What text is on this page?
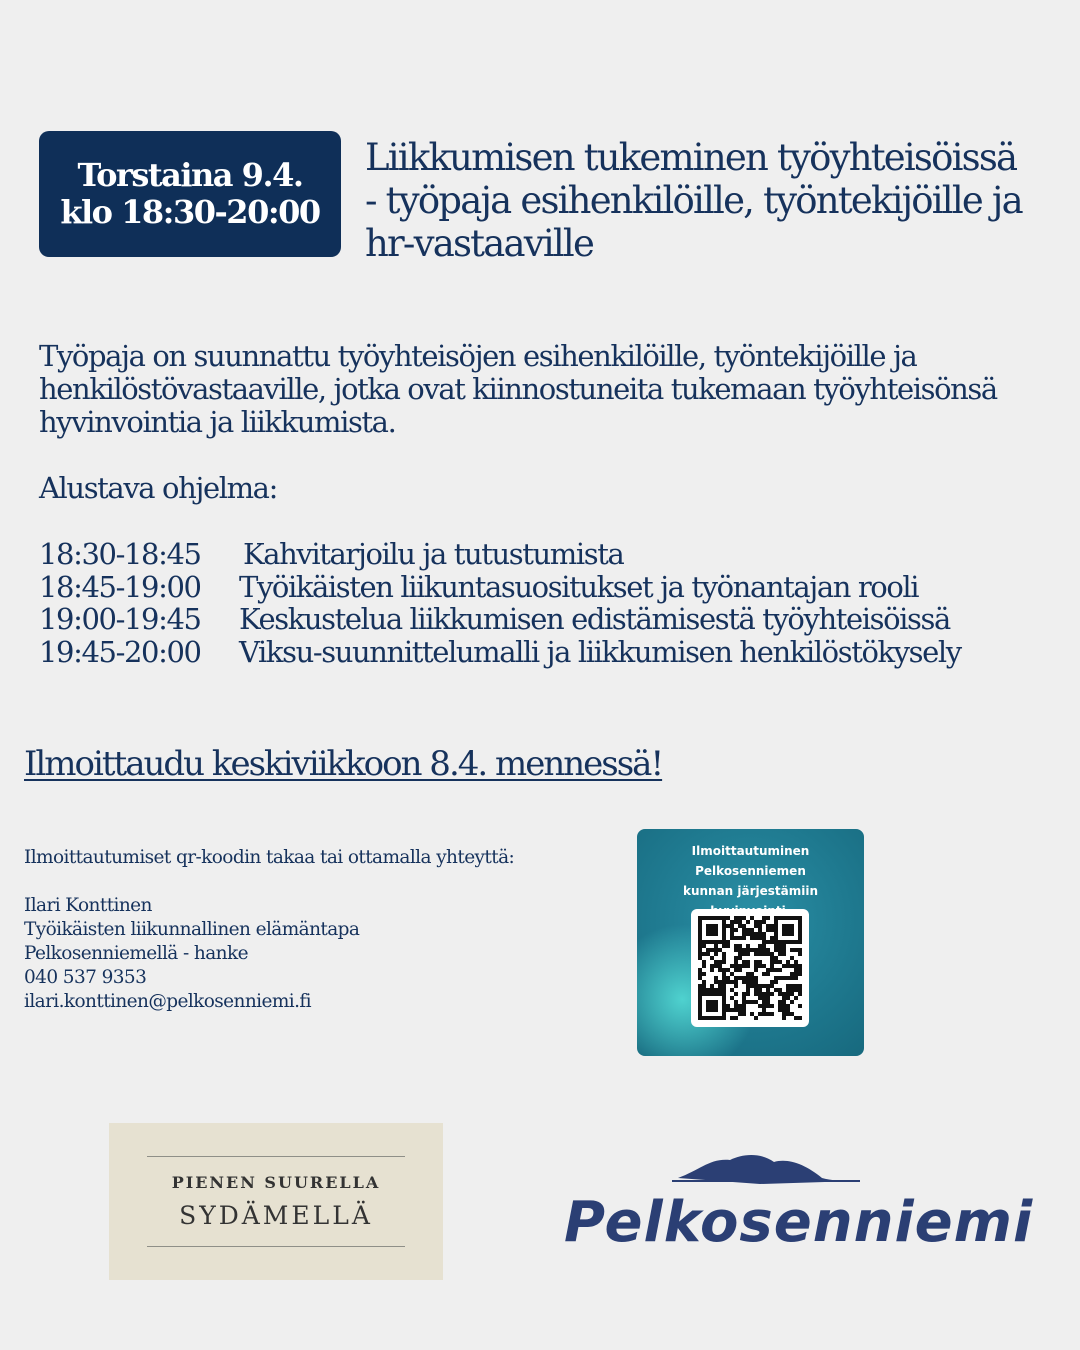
Torstaina 9.4.
klo 18:30-20:00
Liikkumisen tukeminen työyhteisöissä
- työpaja esihenkilöille, työntekijöille ja
hr-vastaaville
Työpaja on suunnattu työyhteisöjen esihenkilöille, työntekijöille ja
henkilöstövastaaville, jotka ovat kiinnostuneita tukemaan työyhteisönsä
hyvinvointia ja liikkumista.
Alustava ohjelma:
18:30-18:45	Kahvitarjoilu ja tutustumista
18:45-19:00	Työikäisten liikuntasuositukset ja työnantajan rooli
19:00-19:45	Keskustelua liikkumisen edistämisestä työyhteisöissä
19:45-20:00	Viksu-suunnittelumalli ja liikkumisen henkilöstökysely
Ilmoittaudu keskiviikkoon 8.4. mennessä!
Ilmoittautumiset qr-koodin takaa tai ottamalla yhteyttä:
Ilari Konttinen
Työikäisten liikunnallinen elämäntapa
Pelkosenniemellä - hanke
040 537 9353
ilari.konttinen@pelkosenniemi.fi
Ilmoittautuminen Pelkosenniemen
kunnan järjestämiin
PIENEN SUURELLA
SYDÄMELLÄ	Pelkosenniemi
